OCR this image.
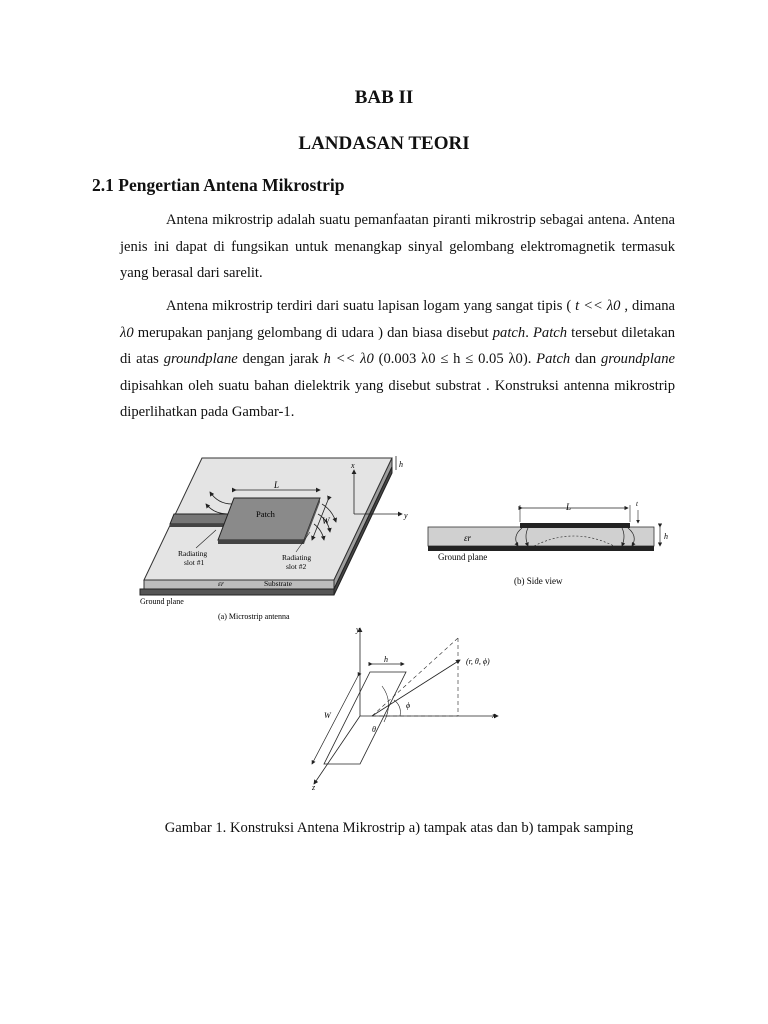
BAB II
LANDASAN TEORI
2.1 Pengertian Antena Mikrostrip
Antena mikrostrip adalah suatu pemanfaatan piranti mikrostrip sebagai antena. Antena jenis ini dapat di fungsikan untuk menangkap sinyal gelombang elektromagnetik termasuk yang berasal dari sarelit.
Antena mikrostrip terdiri dari suatu lapisan logam yang sangat tipis ( t << λ0 , dimana λ0 merupakan panjang gelombang di udara ) dan biasa disebut patch. Patch tersebut diletakan di atas groundplane dengan jarak h << λ0 (0.003 λ0 ≤ h ≤ 0.05 λ0). Patch dan groundplane dipisahkan oleh suatu bahan dielektrik yang disebut substrat . Konstruksi antenna mikrostrip diperlihatkan pada Gambar-1.
L
W
x
y
h
Patch
Radiating
slot #1
Radiating
slot #2
εr	Substrate
Ground plane
(a) Microstrip antenna
L	t
h
εr
Ground plane
(b) Side view
y
x
z
h
W
(r, θ, ϕ)
ϕ
θ
Gambar 1. Konstruksi Antena Mikrostrip a) tampak atas dan b) tampak samping
